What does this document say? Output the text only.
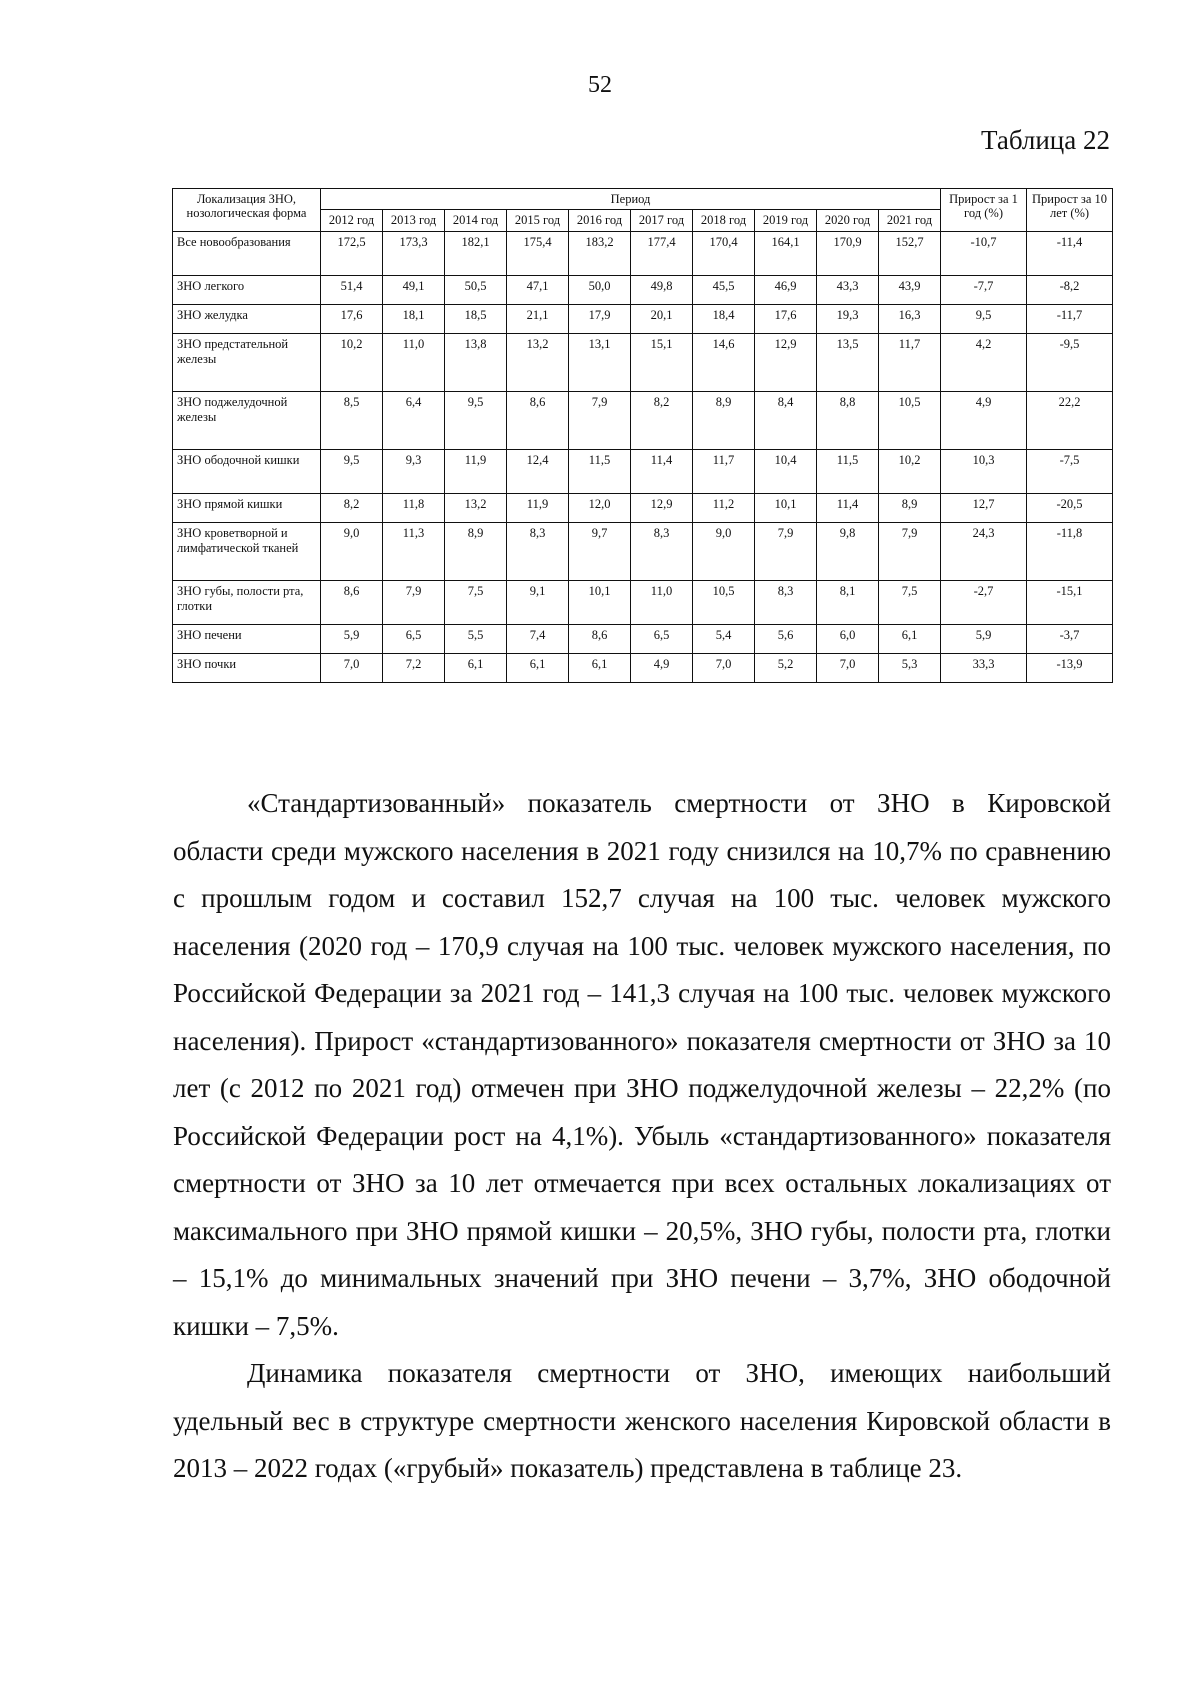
52
Таблица 22
Локализация ЗНО, нозологическая форма	Период										Прирост за 1 год (%)	Прирост за 10 лет (%)
	2012 год	2013 год	2014 год	2015 год	2016 год	2017 год	2018 год	2019 год	2020 год	2021 год		
Все новообразования	172,5	173,3	182,1	175,4	183,2	177,4	170,4	164,1	170,9	152,7	-10,7	-11,4
ЗНО легкого	51,4	49,1	50,5	47,1	50,0	49,8	45,5	46,9	43,3	43,9	-7,7	-8,2
ЗНО желудка	17,6	18,1	18,5	21,1	17,9	20,1	18,4	17,6	19,3	16,3	9,5	-11,7
ЗНО предстательной железы	10,2	11,0	13,8	13,2	13,1	15,1	14,6	12,9	13,5	11,7	4,2	-9,5
ЗНО поджелудочной железы	8,5	6,4	9,5	8,6	7,9	8,2	8,9	8,4	8,8	10,5	4,9	22,2
ЗНО ободочной кишки	9,5	9,3	11,9	12,4	11,5	11,4	11,7	10,4	11,5	10,2	10,3	-7,5
ЗНО прямой кишки	8,2	11,8	13,2	11,9	12,0	12,9	11,2	10,1	11,4	8,9	12,7	-20,5
ЗНО кроветворной и лимфатической тканей	9,0	11,3	8,9	8,3	9,7	8,3	9,0	7,9	9,8	7,9	24,3	-11,8
ЗНО губы, полости рта, глотки	8,6	7,9	7,5	9,1	10,1	11,0	10,5	8,3	8,1	7,5	-2,7	-15,1
ЗНО печени	5,9	6,5	5,5	7,4	8,6	6,5	5,4	5,6	6,0	6,1	5,9	-3,7
ЗНО почки	7,0	7,2	6,1	6,1	6,1	4,9	7,0	5,2	7,0	5,3	33,3	-13,9

«Стандартизованный» показатель смертности от ЗНО в Кировской области среди мужского населения в 2021 году снизился на 10,7% по сравнению с прошлым годом и составил 152,7 случая на 100 тыс. человек мужского населения (2020 год – 170,9 случая на 100 тыс. человек мужского населения, по Российской Федерации за 2021 год – 141,3 случая на 100 тыс. человек мужского населения). Прирост «стандартизованного» показателя смертности от ЗНО за 10 лет (с 2012 по 2021 год) отмечен при ЗНО поджелудочной железы – 22,2% (по Российской Федерации рост на 4,1%). Убыль «стандартизованного» показателя смертности от ЗНО за 10 лет отмечается при всех остальных локализациях от максимального при ЗНО прямой кишки – 20,5%, ЗНО губы, полости рта, глотки – 15,1% до минимальных значений при ЗНО печени – 3,7%, ЗНО ободочной кишки – 7,5%.

Динамика показателя смертности от ЗНО, имеющих наибольший удельный вес в структуре смертности женского населения Кировской области в 2013 – 2022 годах («грубый» показатель) представлена в таблице 23.
